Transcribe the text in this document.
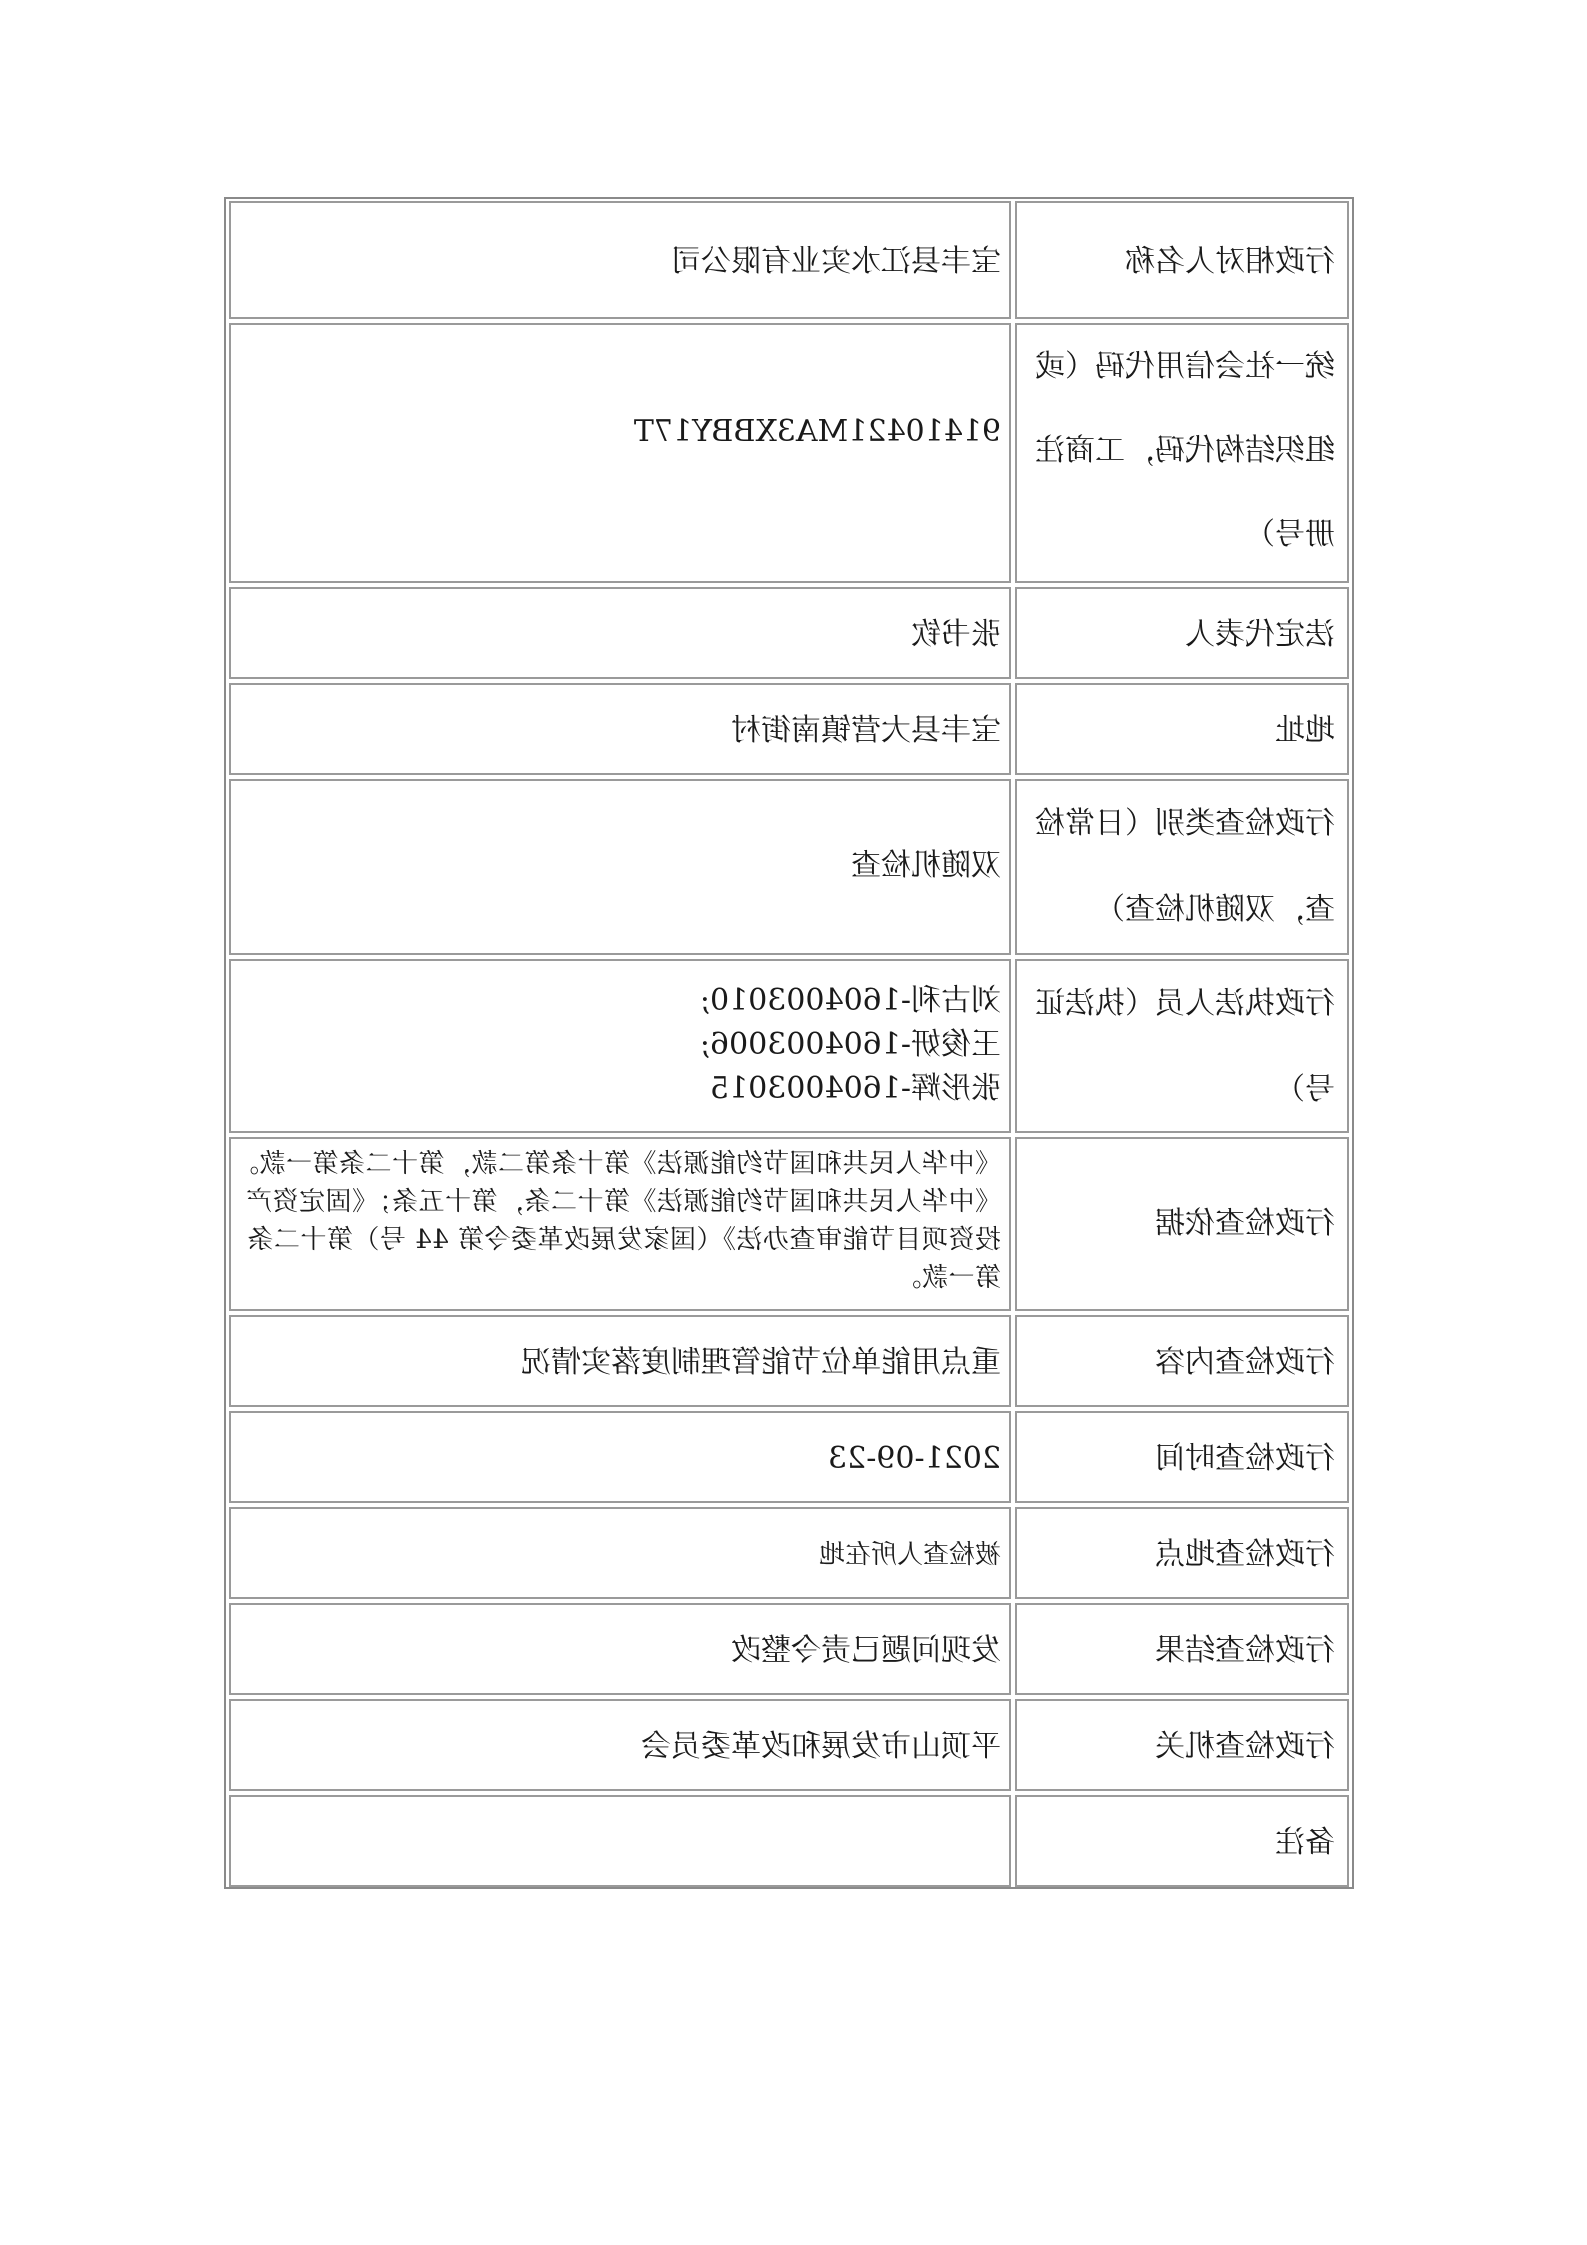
行政相对人名称
宝丰县江水实业有限公司
统一社会信用代码（或组织结构代码，工商注册号）
91410421MA3XBBY17T
法定代表人
张书钦
地址
宝丰县大营镇南街村
行政检查类别（日常检查，双随机检查）
双随机检查
行政执法人员（执法证号）
刘古利-1604003010;
王俊妍-1604003006;
张彤辉-1604003015
行政检查依据
《中华人民共和国节约能源法》第十条第二款，第十二条第一款。《中华人民共和国节约能源法》第十二条，第十五条；《固定资产投资项目节能审查办法》（国家发展改革委令第 44 号）第十二条第一款。
行政检查内容
重点用能单位节能管理制度落实情况
行政检查时间
2021-09-23
行政检查地点
被检查人所在地
行政检查结果
发现问题已责令整改
行政检查机关
平顶山市发展和改革委员会
备注
